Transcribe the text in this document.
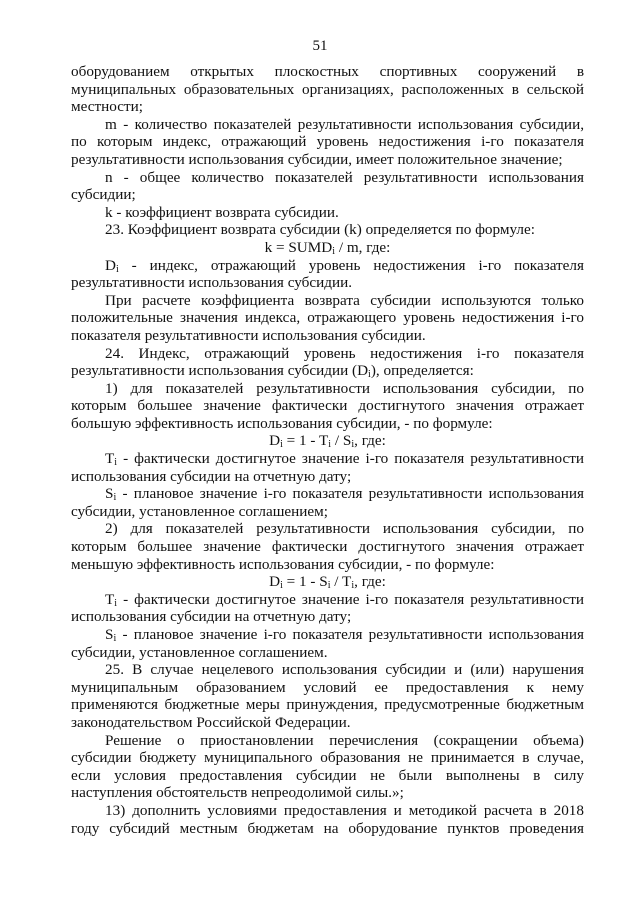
51

оборудованием открытых плоскостных спортивных сооружений в муниципальных образовательных организациях, расположенных в сельской местности;

m - количество показателей результативности использования субсидии, по которым индекс, отражающий уровень недостижения i-го показателя результативности использования субсидии, имеет положительное значение;

n - общее количество показателей результативности использования субсидии;

k - коэффициент возврата субсидии.

23. Коэффициент возврата субсидии (k) определяется по формуле:

$k = SUMD_i / m$, где:

$D_i$ - индекс, отражающий уровень недостижения i-го показателя результативности использования субсидии.

При расчете коэффициента возврата субсидии используются только положительные значения индекса, отражающего уровень недостижения i-го показателя результативности использования субсидии.

24. Индекс, отражающий уровень недостижения i-го показателя результативности использования субсидии $(D_i)$, определяется:

1) для показателей результативности использования субсидии, по которым большее значение фактически достигнутого значения отражает большую эффективность использования субсидии, - по формуле:

$D_i = 1 - T_i / S_i$, где:

$T_i$ - фактически достигнутое значение i-го показателя результативности использования субсидии на отчетную дату;

$S_i$ - плановое значение i-го показателя результативности использования субсидии, установленное соглашением;

2) для показателей результативности использования субсидии, по которым большее значение фактически достигнутого значения отражает меньшую эффективность использования субсидии, - по формуле:

$D_i = 1 - S_i / T_i$, где:

$T_i$ - фактически достигнутое значение i-го показателя результативности использования субсидии на отчетную дату;

$S_i$ - плановое значение i-го показателя результативности использования субсидии, установленное соглашением.

25. В случае нецелевого использования субсидии и (или) нарушения муниципальным образованием условий ее предоставления к нему применяются бюджетные меры принуждения, предусмотренные бюджетным законодательством Российской Федерации.

Решение о приостановлении перечисления (сокращении объема) субсидии бюджету муниципального образования не принимается в случае, если условия предоставления субсидии не были выполнены в силу наступления обстоятельств непреодолимой силы.»;

13) дополнить условиями предоставления и методикой расчета в 2018 году субсидий местным бюджетам на оборудование пунктов проведения
